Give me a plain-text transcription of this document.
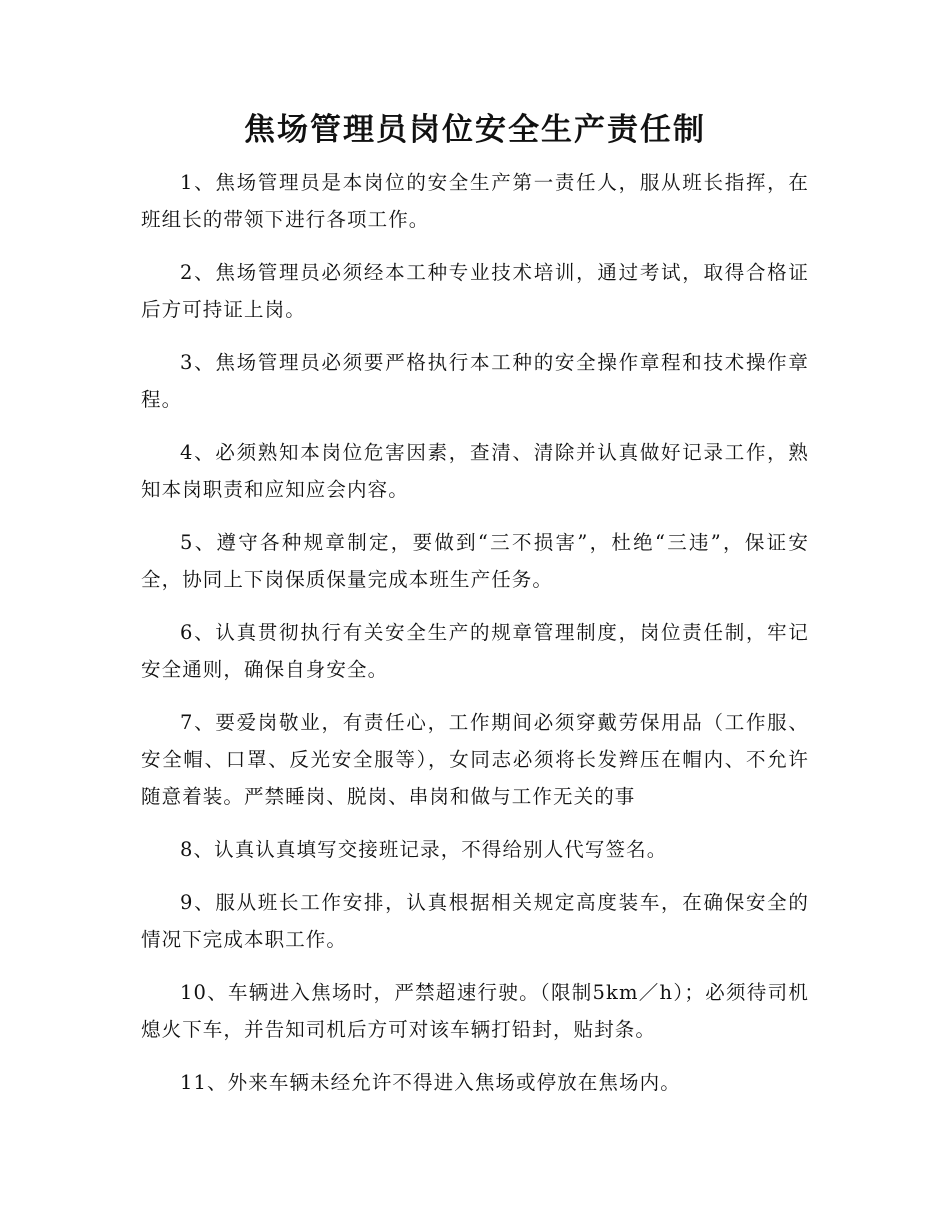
焦场管理员岗位安全生产责任制

1、焦场管理员是本岗位的安全生产第一责任人，服从班长指挥，在班组长的带领下进行各项工作。

2、焦场管理员必须经本工种专业技术培训，通过考试，取得合格证后方可持证上岗。

3、焦场管理员必须要严格执行本工种的安全操作章程和技术操作章程。

4、必须熟知本岗位危害因素，查清、清除并认真做好记录工作，熟知本岗职责和应知应会内容。

5、遵守各种规章制定，要做到“三不损害”，杜绝“三违”，保证安全，协同上下岗保质保量完成本班生产任务。

6、认真贯彻执行有关安全生产的规章管理制度，岗位责任制，牢记安全通则，确保自身安全。

7、要爱岗敬业，有责任心，工作期间必须穿戴劳保用品（工作服、安全帽、口罩、反光安全服等），女同志必须将长发辫压在帽内、不允许随意着装。严禁睡岗、脱岗、串岗和做与工作无关的事

8、认真认真填写交接班记录，不得给别人代写签名。

9、服从班长工作安排，认真根据相关规定高度装车，在确保安全的情况下完成本职工作。

10、车辆进入焦场时，严禁超速行驶。（限制5km／h）；必须待司机熄火下车，并告知司机后方可对该车辆打铅封，贴封条。

11、外来车辆未经允许不得进入焦场或停放在焦场内。
